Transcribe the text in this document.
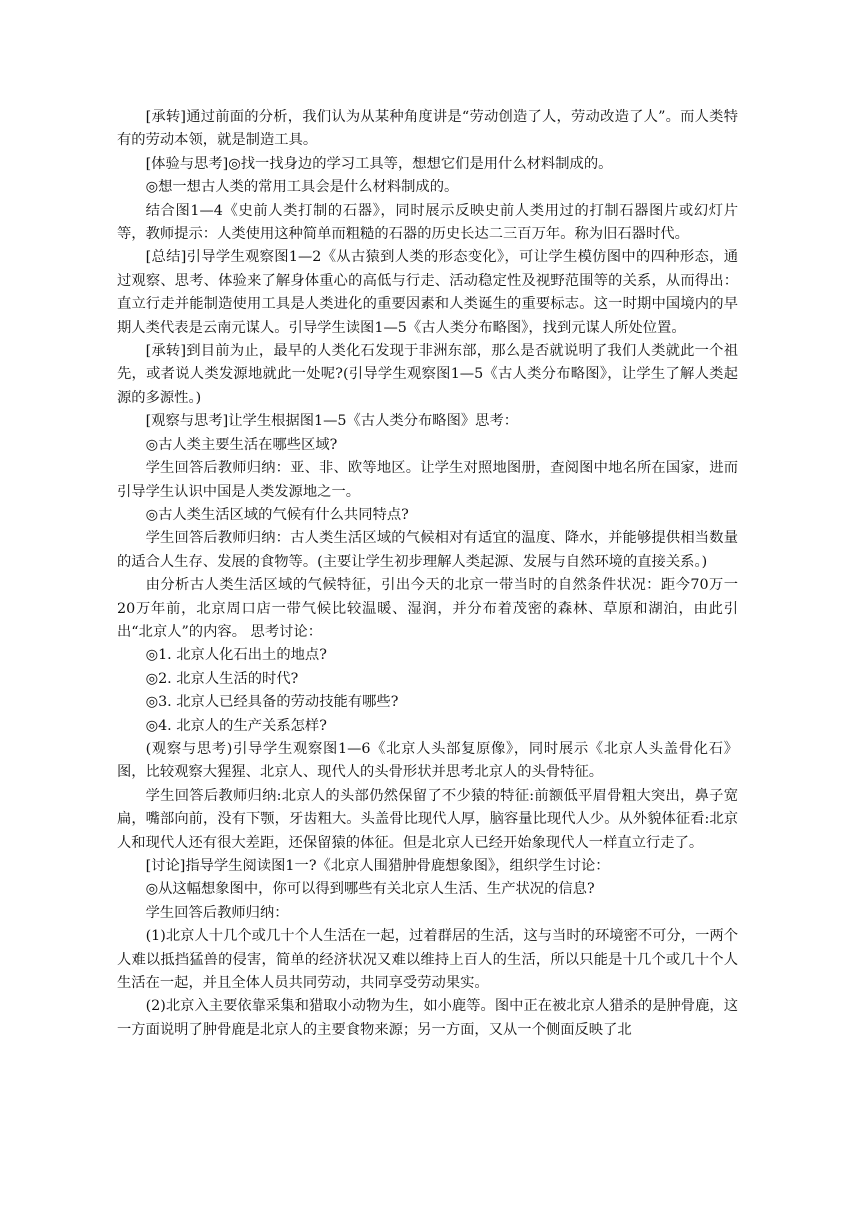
[承转]通过前面的分析，我们认为从某种角度讲是“劳动创造了人，劳动改造了人”。而人类特有的劳动本领，就是制造工具。

[体验与思考]◎找一找身边的学习工具等，想想它们是用什么材料制成的。

◎想一想古人类的常用工具会是什么材料制成的。

结合图1—4《史前人类打制的石器》，同时展示反映史前人类用过的打制石器图片或幻灯片等，教师提示：人类使用这种简单而粗糙的石器的历史长达二三百万年。称为旧石器时代。

[总结]引导学生观察图1—2《从古猿到人类的形态变化》，可让学生模仿图中的四种形态，通过观察、思考、体验来了解身体重心的高低与行走、活动稳定性及视野范围等的关系，从而得出：直立行走并能制造使用工具是人类进化的重要因素和人类诞生的重要标志。这一时期中国境内的早期人类代表是云南元谋人。引导学生读图1—5《古人类分布略图》，找到元谋人所处位置。

[承转]到目前为止，最早的人类化石发现于非洲东部，那么是否就说明了我们人类就此一个祖先，或者说人类发源地就此一处呢?(引导学生观察图1—5《古人类分布略图》，让学生了解人类起源的多源性。)

[观察与思考]让学生根据图1—5《古人类分布略图》思考：

◎古人类主要生活在哪些区域?

学生回答后教师归纳：亚、非、欧等地区。让学生对照地图册，查阅图中地名所在国家，进而引导学生认识中国是人类发源地之一。

◎古人类生活区域的气候有什么共同特点?

学生回答后教师归纳：古人类生活区域的气候相对有适宜的温度、降水，并能够提供相当数量的适合人生存、发展的食物等。(主要让学生初步理解人类起源、发展与自然环境的直接关系。)

由分析古人类生活区域的气候特征，引出今天的北京一带当时的自然条件状况：距今70万一20万年前，北京周口店一带气候比较温暖、湿润，并分布着茂密的森林、草原和湖泊，由此引出“北京人”的内容。 思考讨论：

◎1. 北京人化石出土的地点?

◎2. 北京人生活的时代?

◎3. 北京人已经具备的劳动技能有哪些?

◎4. 北京人的生产关系怎样?

(观察与思考)引导学生观察图1—6《北京人头部复原像》，同时展示《北京人头盖骨化石》图，比较观察大猩猩、北京人、现代人的头骨形状并思考北京人的头骨特征。

学生回答后教师归纳:北京人的头部仍然保留了不少猿的特征:前额低平眉骨粗大突出，鼻子宽扁，嘴部向前，没有下颚，牙齿粗大。头盖骨比现代人厚，脑容量比现代人少。从外貌体征看:北京人和现代人还有很大差距，还保留猿的体征。但是北京人已经开始象现代人一样直立行走了。

[讨论]指导学生阅读图1一?《北京人围猎肿骨鹿想象图》，组织学生讨论：

◎从这幅想象图中，你可以得到哪些有关北京人生活、生产状况的信息?

学生回答后教师归纳：

(1)北京人十几个或几十个人生活在一起，过着群居的生活，这与当时的环境密不可分，一两个人难以抵挡猛兽的侵害，简单的经济状况又难以维持上百人的生活，所以只能是十几个或几十个人生活在一起，并且全体人员共同劳动，共同享受劳动果实。

(2)北京入主要依靠采集和猎取小动物为生，如小鹿等。图中正在被北京人猎杀的是肿骨鹿，这一方面说明了肿骨鹿是北京人的主要食物来源；另一方面，又从一个侧面反映了北
